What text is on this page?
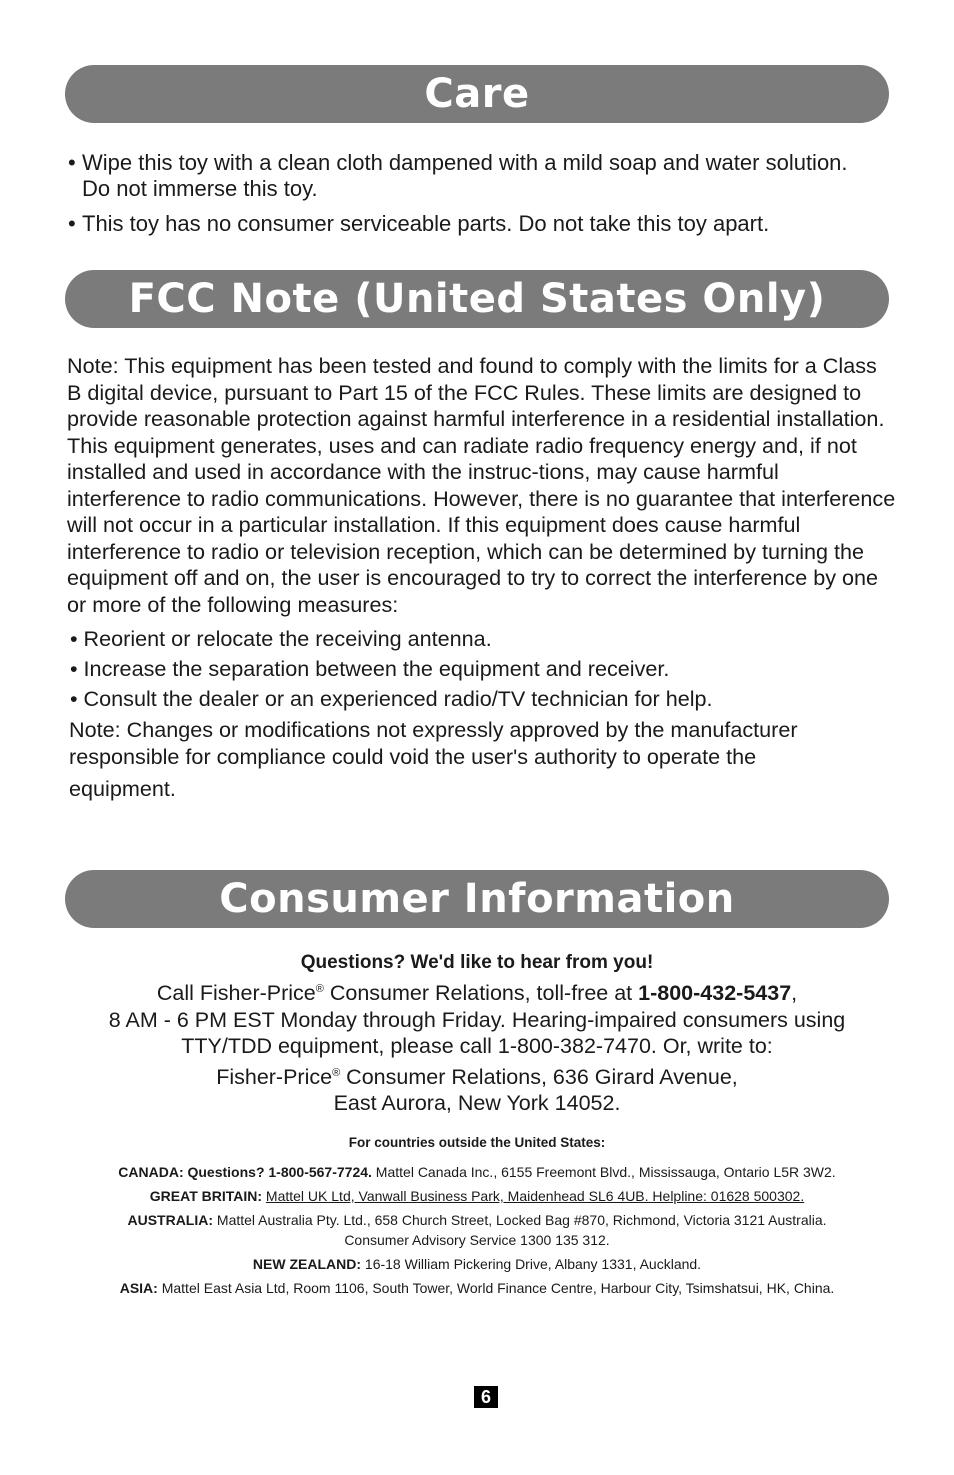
Care
• Wipe this toy with a clean cloth dampened with a mild soap and water solution. Do not immerse this toy.
• This toy has no consumer serviceable parts. Do not take this toy apart.
FCC Note (United States Only)

Note: This equipment has been tested and found to comply with the limits for a Class B digital device, pursuant to Part 15 of the FCC Rules. These limits are designed to provide reasonable protection against harmful interference in a residential installation. This equipment generates, uses and can radiate radio frequency energy and, if not installed and used in accordance with the instruc-tions, may cause harmful interference to radio communications. However, there is no guarantee that interference will not occur in a particular installation. If this equipment does cause harmful interference to radio or television reception, which can be determined by turning the equipment off and on, the user is encouraged to try to correct the interference by one or more of the following measures:

• Reorient or relocate the receiving antenna.
• Increase the separation between the equipment and receiver.
• Consult the dealer or an experienced radio/TV technician for help.

Note: Changes or modifications not expressly approved by the manufacturer responsible for compliance could void the user's authority to operate the
equipment.

Consumer Information
Questions? We'd like to hear from you!
Call Fisher-Price® Consumer Relations, toll-free at 1-800-432-5437,
8 AM - 6 PM EST Monday through Friday. Hearing-impaired consumers using
TTY/TDD equipment, please call 1-800-382-7470. Or, write to:
Fisher-Price® Consumer Relations, 636 Girard Avenue,
East Aurora, New York 14052.
For countries outside the United States:
CANADA: Questions? 1-800-567-7724. Mattel Canada Inc., 6155 Freemont Blvd., Mississauga, Ontario L5R 3W2.
GREAT BRITAIN: Mattel UK Ltd, Vanwall Business Park, Maidenhead SL6 4UB. Helpline: 01628 500302.
AUSTRALIA: Mattel Australia Pty. Ltd., 658 Church Street, Locked Bag #870, Richmond, Victoria 3121 Australia.
Consumer Advisory Service 1300 135 312.
NEW ZEALAND: 16-18 William Pickering Drive, Albany 1331, Auckland.
ASIA: Mattel East Asia Ltd, Room 1106, South Tower, World Finance Centre, Harbour City, Tsimshatsui, HK, China.
6
